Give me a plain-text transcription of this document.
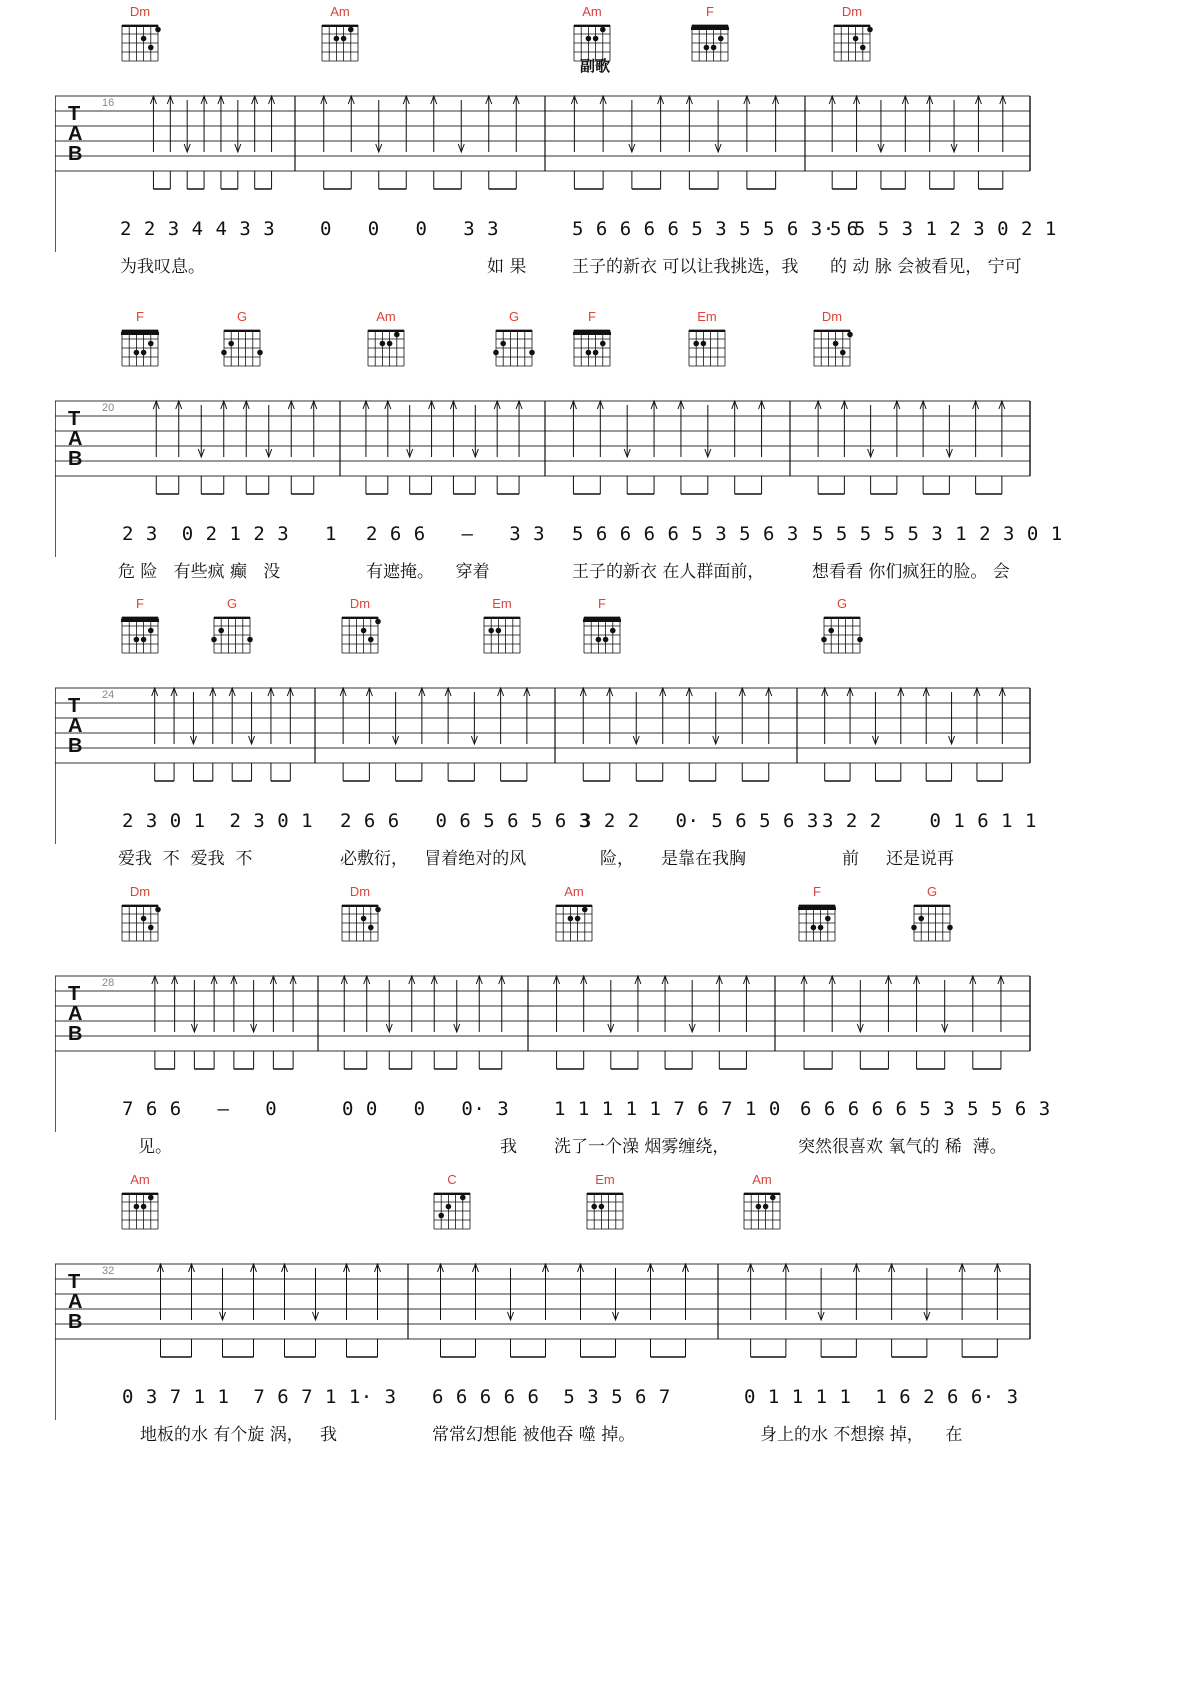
Dm	Am	Am	F	Dm
副歌
T
A
B
16
2 2 3 4 4 3 3 0   0   0   3 3	5 6 6 6 6 5 3 5 5 6 3· 6
5 5 5 3 1 2 3 0 2 1
为我叹息。	如 果	王子的新衣 可以让我挑选，我 的 动 脉 会被看见， 宁可
F	G	Am	G	F	Em	Dm
T
A
B
20
2 3  0 2 1 2 3   1 2 6 6   –   3 3 5 6 6 6 6 5 3 5 6 3 5 5 5 5 5 3 1 2 3 0 1
危 险   有些疯 癫   没	有遮掩。    穿着	王子的新衣 在人群面前，	想看看 你们疯狂的脸。 会
F	G	Dm	Em	F	G
T
A
B
24
2 3 0 1  2 3 0 1 2 6 6   0 6 5 6 5 6 3
3 2 2   0· 5 6 5 6 3 3 2 2    0 1 6 1 1
爱我  不  爱我  不	必敷衍，   冒着绝对的风	险，     是靠在我胸	前     还是说再
Dm	Dm	Am	F	G
T
A
B
28
7 6 6   –   0	0 0   0   0· 3 1 1 1 1 1 7 6 7 1 0 6 6 6 6 6 5 3 5 5 6 3
见。	我 洗了一个澡 烟雾缠绕，	突然很喜欢 氧气的 稀  薄。
Am	C	Em	Am
T
A
B
32
0 3 7 1 1  7 6 7 1 1· 3 6 6 6 6 6  5 3 5 6 7	0 1 1 1 1  1 6 2 6 6· 3
地板的水 有个旋 涡，   我	常常幻想能 被他吞 噬 掉。	身上的水 不想擦 掉，    在
